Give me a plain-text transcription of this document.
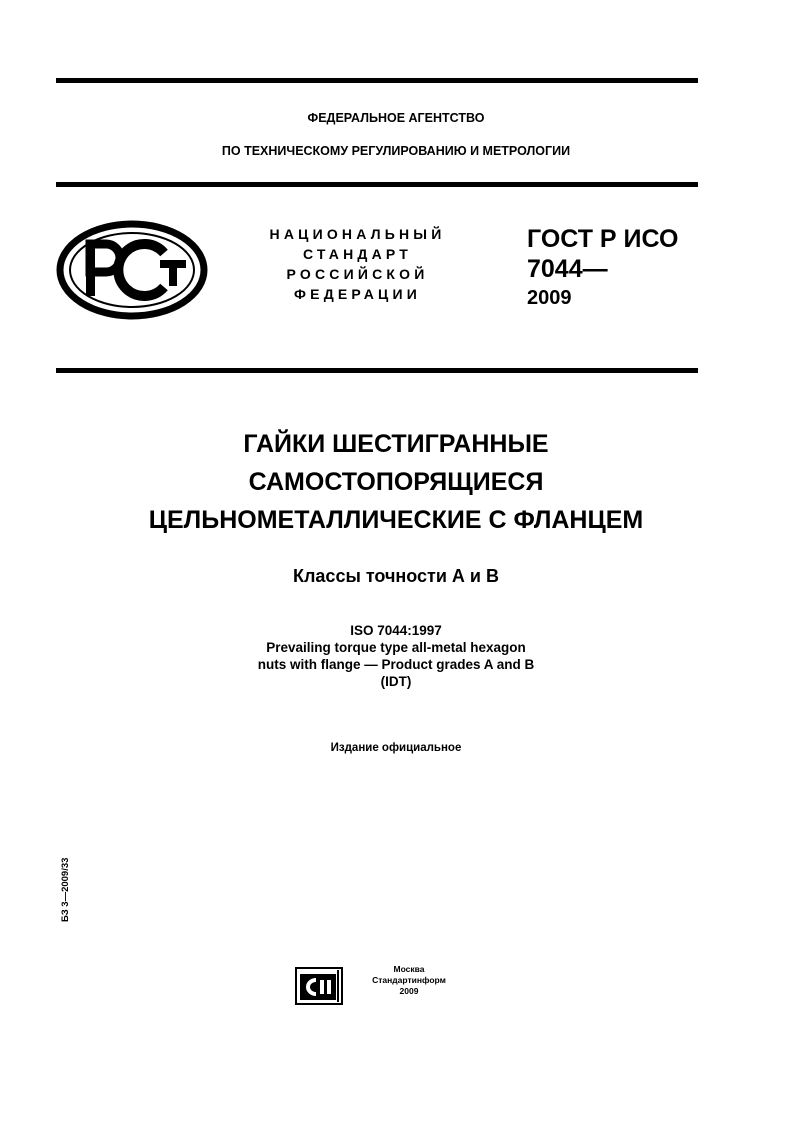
ФЕДЕРАЛЬНОЕ АГЕНТСТВО
ПО ТЕХНИЧЕСКОМУ РЕГУЛИРОВАНИЮ И МЕТРОЛОГИИ
НАЦИОНАЛЬНЫЙ
СТАНДАРТ
РОССИЙСКОЙ
ФЕДЕРАЦИИ
ГОСТ Р ИСО
7044—
2009
ГАЙКИ ШЕСТИГРАННЫЕ
САМОСТОПОРЯЩИЕСЯ
ЦЕЛЬНОМЕТАЛЛИЧЕСКИЕ С ФЛАНЦЕМ
Классы точности А и В
ISO 7044:1997
Prevailing torque type all-metal hexagon
nuts with flange — Product grades A and B
(IDT)
Издание официальное
БЗ 3—2009/33
Москва
Стандартинформ
2009
